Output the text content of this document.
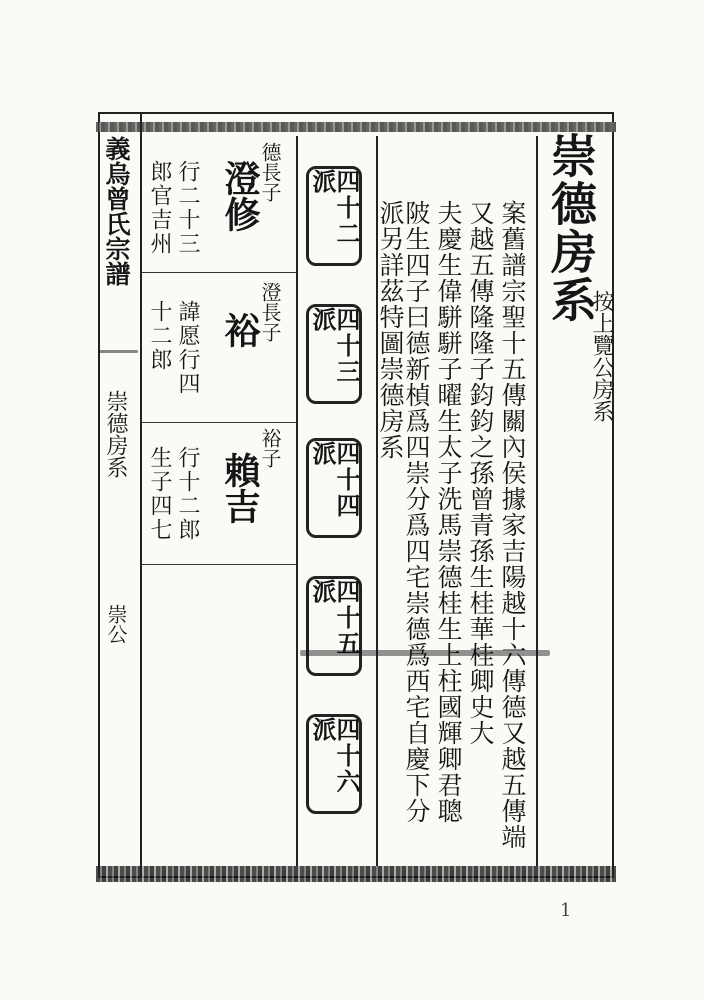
義烏曾氏宗譜
崇德房系
崇公
崇德房系
按上覽公房系
案舊譜宗聖十五傳關內侯據家吉陽越十六傳德又越五傳端
又越五傳隆隆子鈞鈞之孫曾青孫生桂華桂卿史大
夫慶生偉駢駢子曜生太子洗馬崇德桂生上柱國輝卿君聰
陂生四子曰德新楨爲四崇分爲四宅崇德爲西宅自慶下分
派另詳茲特圖崇德房系
四十二派
四十三派
四十四派
四十五派
四十六派
德長子
澄修
行二十三
郎官吉州
澄長子
裕
諱愿行四
十二郎
裕子
賴吉
行十二郎
生子四七
1
